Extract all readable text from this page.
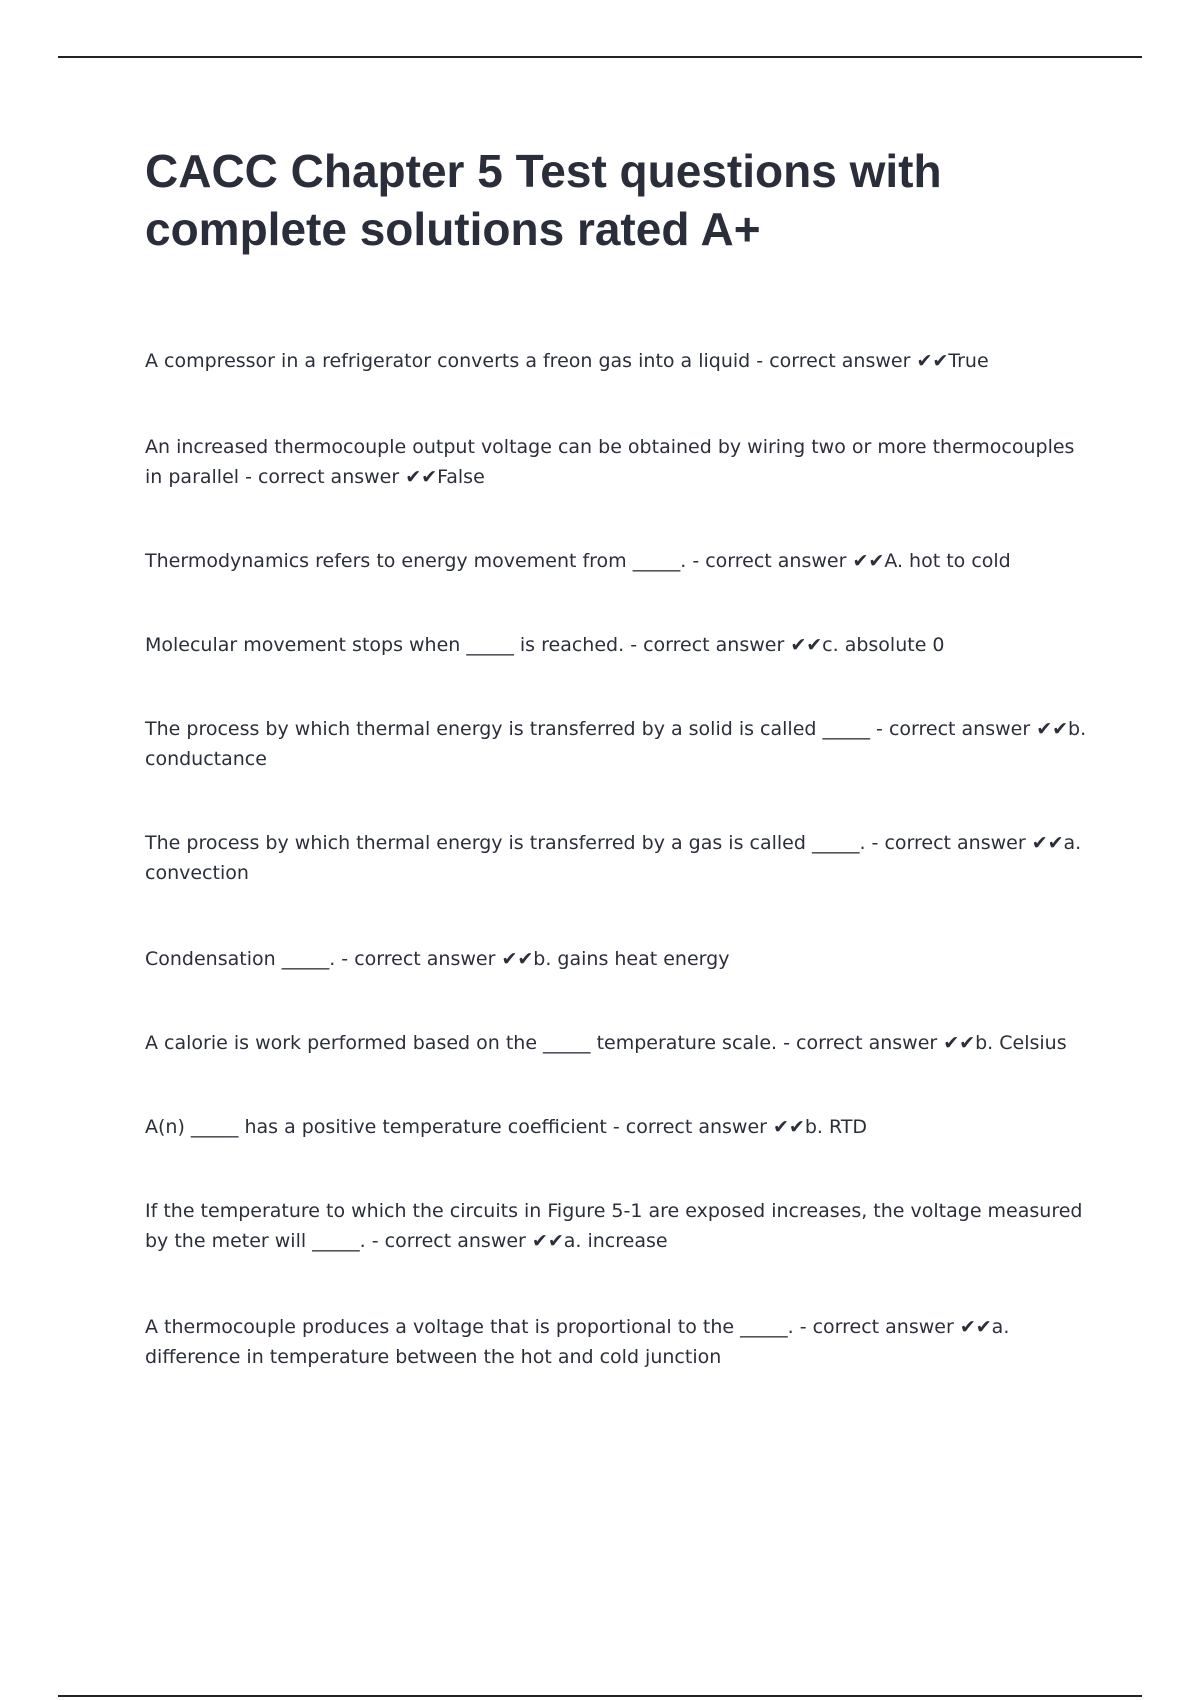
CACC Chapter 5 Test questions with complete solutions rated A+
A compressor in a refrigerator converts a freon gas into a liquid - correct answer ✔✔True
An increased thermocouple output voltage can be obtained by wiring two or more thermocouples in parallel - correct answer ✔✔False
Thermodynamics refers to energy movement from _____. - correct answer ✔✔A. hot to cold
Molecular movement stops when _____ is reached. - correct answer ✔✔c. absolute 0
The process by which thermal energy is transferred by a solid is called _____ - correct answer ✔✔b. conductance
The process by which thermal energy is transferred by a gas is called _____. - correct answer ✔✔a. convection
Condensation _____. - correct answer ✔✔b. gains heat energy
A calorie is work performed based on the _____ temperature scale. - correct answer ✔✔b. Celsius
A(n) _____ has a positive temperature coefficient - correct answer ✔✔b. RTD
If the temperature to which the circuits in Figure 5-1 are exposed increases, the voltage measured by the meter will _____. - correct answer ✔✔a. increase
A thermocouple produces a voltage that is proportional to the _____. - correct answer ✔✔a. difference in temperature between the hot and cold junction
